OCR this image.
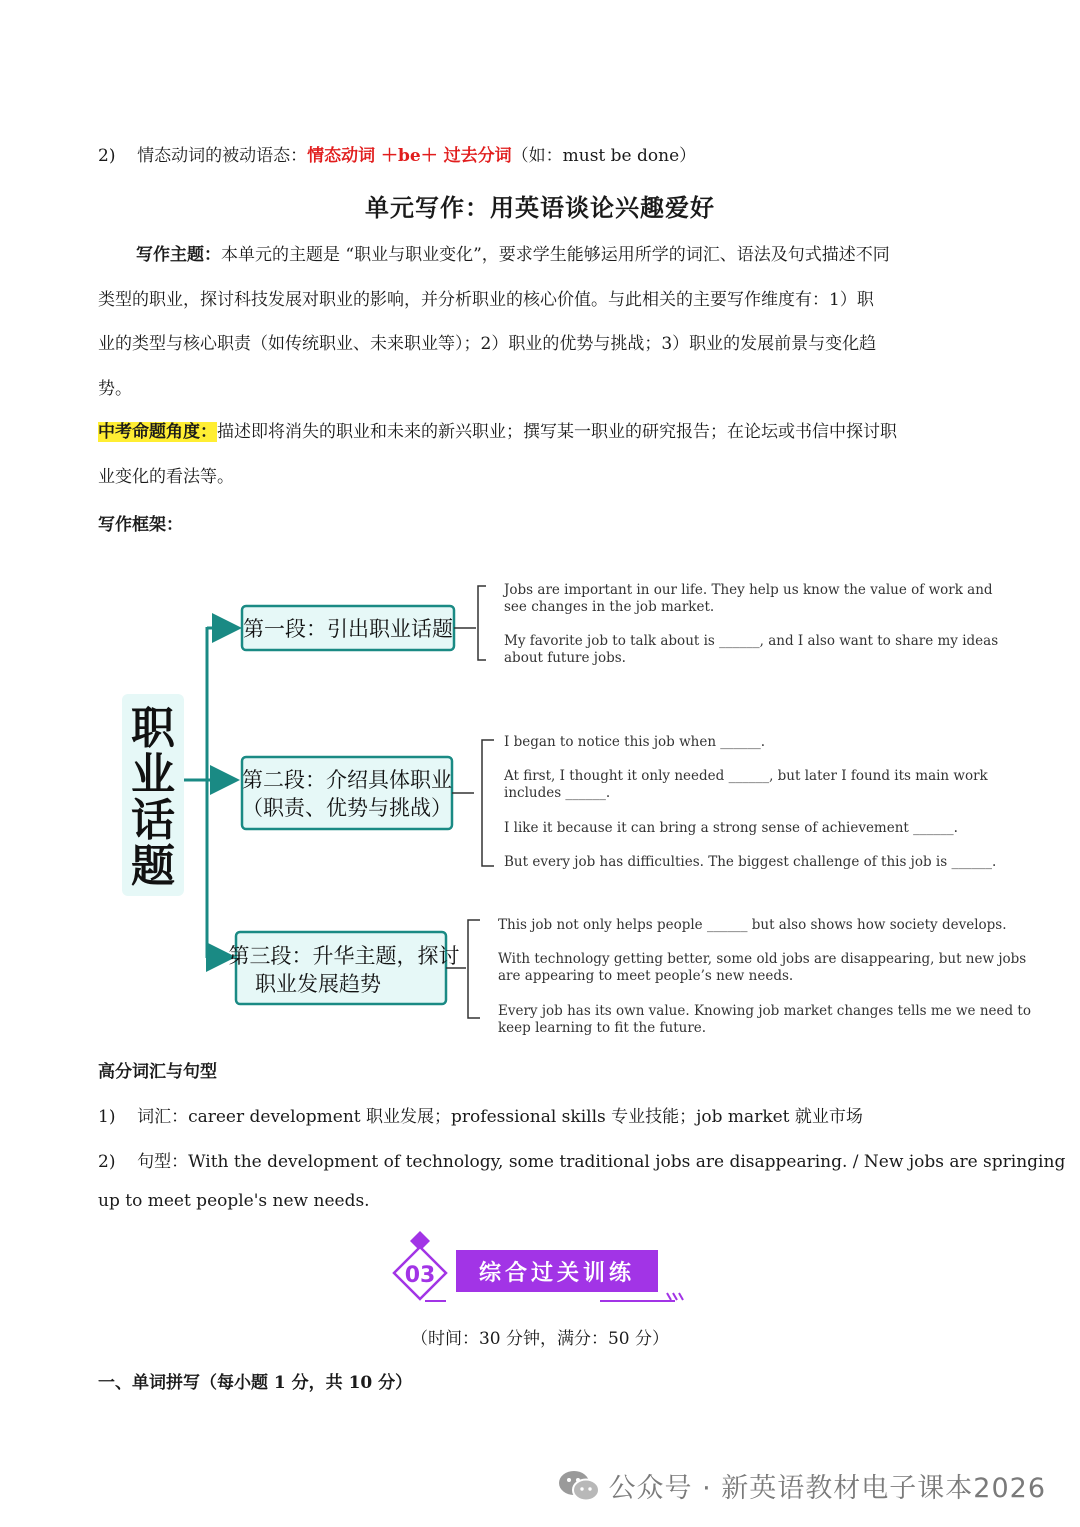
2) 情态动词的被动语态：情态动词 ＋be＋ 过去分词（如：must be done）
单元写作：用英语谈论兴趣爱好
写作主题：本单元的主题是 “职业与职业变化”，要求学生能够运用所学的词汇、语法及句式描述不同
类型的职业，探讨科技发展对职业的影响，并分析职业的核心价值。与此相关的主要写作维度有：1）职
业的类型与核心职责（如传统职业、未来职业等）；2）职业的优势与挑战；3）职业的发展前景与变化趋
势。
中考命题角度：描述即将消失的职业和未来的新兴职业；撰写某一职业的研究报告；在论坛或书信中探讨职
业变化的看法等。
写作框架：
职
业
话
题
第一段：引出职业话题
Jobs are important in our life. They help us know the value of work and
see changes in the job market.
My favorite job to talk about is ______, and I also want to share my ideas
about future jobs.
第二段：介绍具体职业
（职责、优势与挑战）
I began to notice this job when ______.
At first, I thought it only needed ______, but later I found its main work
includes ______.
I like it because it can bring a strong sense of achievement ______.
But every job has difficulties. The biggest challenge of this job is ______.
第三段：升华主题，探讨
职业发展趋势
This job not only helps people ______ but also shows how society develops.
With technology getting better, some old jobs are disappearing, but new jobs
are appearing to meet people’s new needs.
Every job has its own value. Knowing job market changes tells me we need to
keep learning to fit the future.
高分词汇与句型
1) 词汇：career development 职业发展；professional skills 专业技能；job market 就业市场
2) 句型：With the development of technology, some traditional jobs are disappearing. / New jobs are springing
up to meet people's new needs.
03 综合过关训练
（时间：30 分钟，满分：50 分）
一、单词拼写（每小题 1 分，共 10 分）
公众号 · 新英语教材电子课本2026
